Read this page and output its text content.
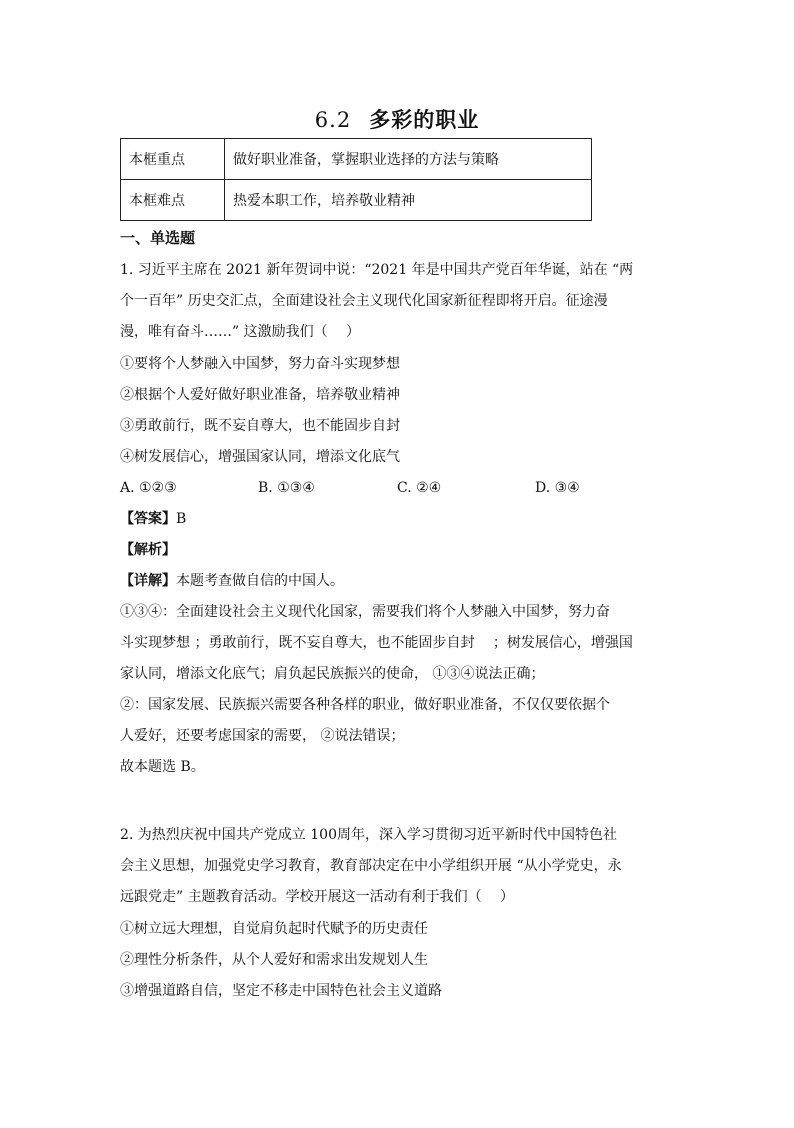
6.2 多彩的职业
本框重点	做好职业准备，掌握职业选择的方法与策略
本框难点	热爱本职工作，培养敬业精神
一、单选题
1. 习近平主席在 2021 新年贺词中说：“2021 年是中国共产党百年华诞，站在 “两
个一百年” 历史交汇点，全面建设社会主义现代化国家新征程即将开启。征途漫
漫，唯有奋斗……” 这激励我们（　 ）
①要将个人梦融入中国梦，努力奋斗实现梦想
②根据个人爱好做好职业准备，培养敬业精神
③勇敢前行，既不妄自尊大，也不能固步自封
④树发展信心，增强国家认同，增添文化底气
A. ①②③	B. ①③④	C. ②④	D. ③④
【答案】B
【解析】
【详解】本题考查做自信的中国人。
①③④：全面建设社会主义现代化国家，需要我们将个人梦融入中国梦，努力奋
斗实现梦想 ；勇敢前行，既不妄自尊大，也不能固步自封 　；树发展信心，增强国
家认同，增添文化底气；肩负起民族振兴的使命， ①③④说法正确；
②：国家发展、民族振兴需要各种各样的职业，做好职业准备，不仅仅要依据个
人爱好，还要考虑国家的需要， ②说法错误；
故本题选 B。
2. 为热烈庆祝中国共产党成立 100周年，深入学习贯彻习近平新时代中国特色社
会主义思想，加强党史学习教育，教育部决定在中小学组织开展 “从小学党史，永
远跟党走” 主题教育活动。学校开展这一活动有利于我们（　 ）
①树立远大理想，自觉肩负起时代赋予的历史责任
②理性分析条件，从个人爱好和需求出发规划人生
③增强道路自信，坚定不移走中国特色社会主义道路
